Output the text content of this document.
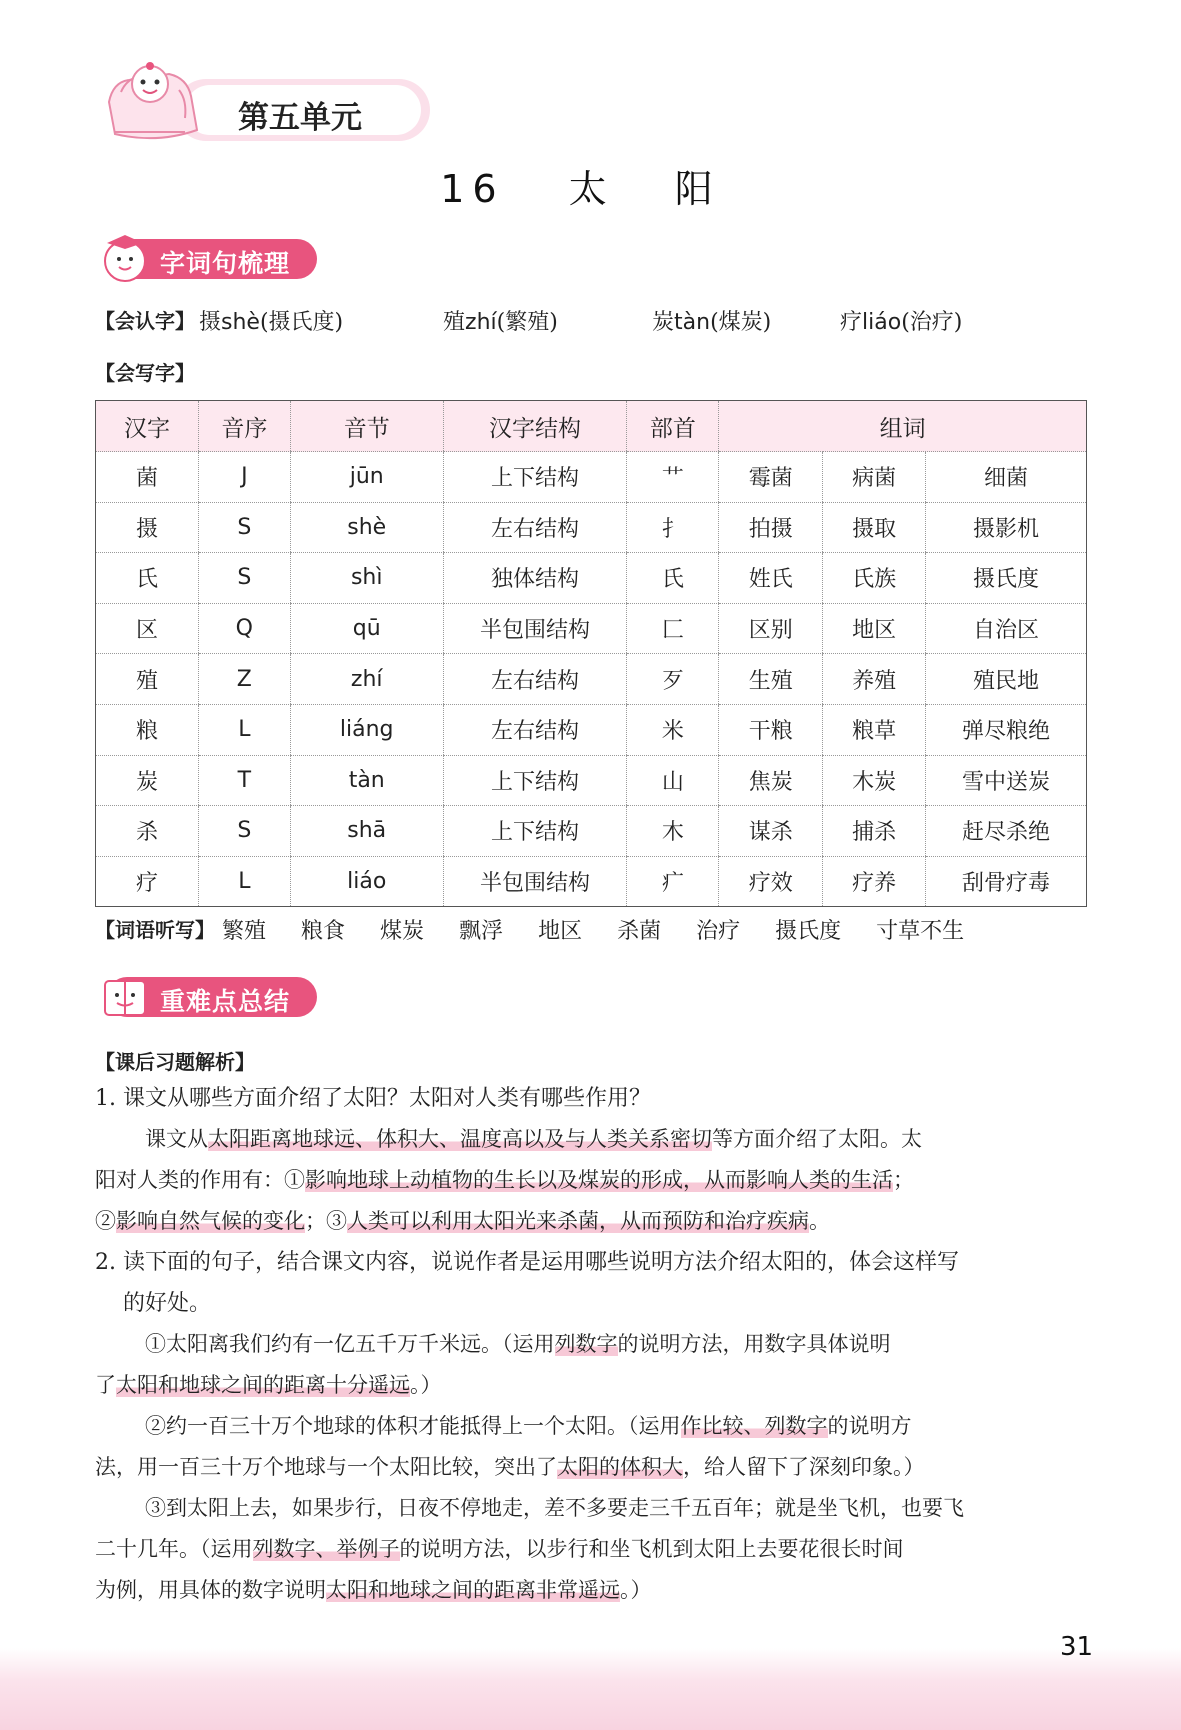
第五单元
16 太 阳
字词句梳理
【会认字】 摄shè(摄氏度)	殖zhí(繁殖)	炭tàn(煤炭)	疗liáo(治疗)
【会写字】
汉字	音序	音节	汉字结构	部首	组词		
菌	J	jūn	上下结构	艹	霉菌	病菌	细菌
摄	S	shè	左右结构	扌	拍摄	摄取	摄影机
氏	S	shì	独体结构	氏	姓氏	氏族	摄氏度
区	Q	qū	半包围结构	匚	区别	地区	自治区
殖	Z	zhí	左右结构	歹	生殖	养殖	殖民地
粮	L	liáng	左右结构	米	干粮	粮草	弹尽粮绝
炭	T	tàn	上下结构	山	焦炭	木炭	雪中送炭
杀	S	shā	上下结构	木	谋杀	捕杀	赶尽杀绝
疗	L	liáo	半包围结构	疒	疗效	疗养	刮骨疗毒
【词语听写】 繁殖 粮食 煤炭 飘浮 地区 杀菌 治疗 摄氏度 寸草不生
重难点总结
【课后习题解析】
1. 课文从哪些方面介绍了太阳？太阳对人类有哪些作用？
课文从太阳距离地球远、体积大、温度高以及与人类关系密切等方面介绍了太阳。太
阳对人类的作用有：①影响地球上动植物的生长以及煤炭的形成，从而影响人类的生活；
②影响自然气候的变化；③人类可以利用太阳光来杀菌，从而预防和治疗疾病。
2. 读下面的句子，结合课文内容，说说作者是运用哪些说明方法介绍太阳的，体会这样写
的好处。
①太阳离我们约有一亿五千万千米远。（运用列数字的说明方法，用数字具体说明
了太阳和地球之间的距离十分遥远。）
②约一百三十万个地球的体积才能抵得上一个太阳。（运用作比较、列数字的说明方
法，用一百三十万个地球与一个太阳比较，突出了太阳的体积大，给人留下了深刻印象。）
③到太阳上去，如果步行，日夜不停地走，差不多要走三千五百年；就是坐飞机，也要飞
二十几年。（运用列数字、举例子的说明方法，以步行和坐飞机到太阳上去要花很长时间
为例，用具体的数字说明太阳和地球之间的距离非常遥远。）
31
